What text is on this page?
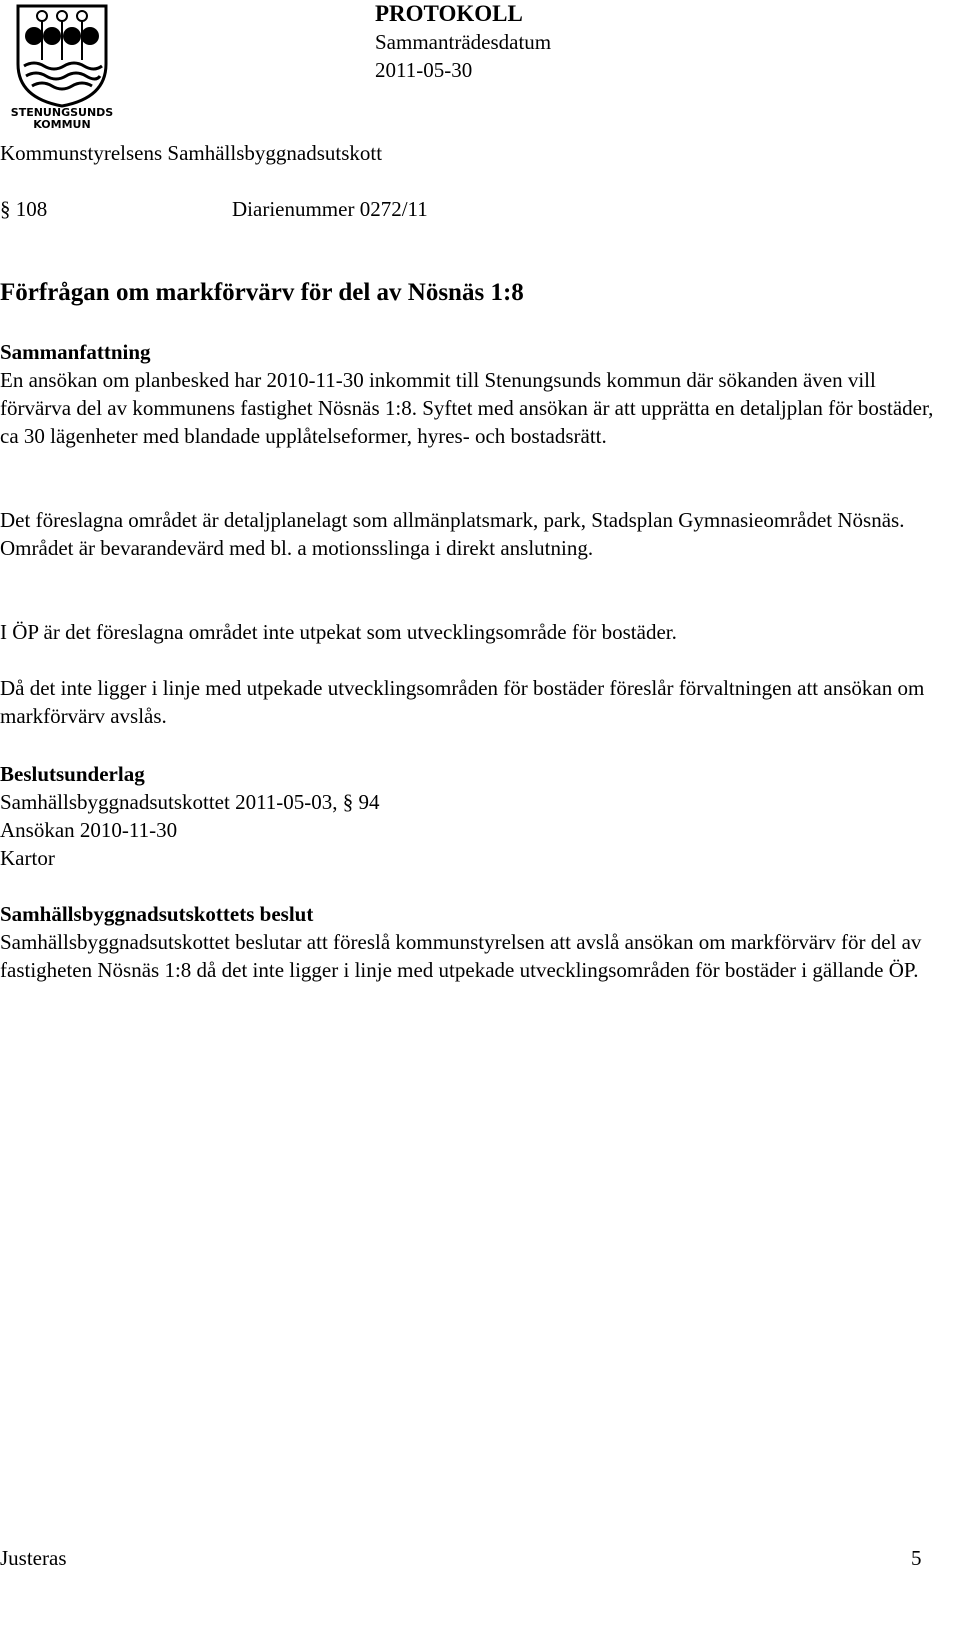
STENUNGSUNDS
KOMMUN
PROTOKOLL
Sammanträdesdatum
2011-05-30
Kommunstyrelsens Samhällsbyggnadsutskott
§ 108	Diarienummer 0272/11
Förfrågan om markförvärv för del av Nösnäs 1:8

Sammanfattning

En ansökan om planbesked har 2010-11-30 inkommit till Stenungsunds kommun där sökanden även vill förvärva del av kommunens fastighet Nösnäs 1:8. Syftet med ansökan är att upprätta en detaljplan för bostäder, ca 30 lägenheter med blandade upplåtelseformer, hyres- och bostadsrätt.

Det föreslagna området är detaljplanelagt som allmänplatsmark, park, Stadsplan Gymnasieområdet Nösnäs. Området är bevarandevärd med bl. a motionsslinga i direkt anslutning.

I ÖP är det föreslagna området inte utpekat som utvecklingsområde för bostäder.

Då det inte ligger i linje med utpekade utvecklingsområden för bostäder föreslår förvaltningen att ansökan om markförvärv avslås.

Beslutsunderlag

Samhällsbyggnadsutskottet 2011-05-03, § 94

Ansökan 2010-11-30

Kartor

Samhällsbyggnadsutskottets beslut

Samhällsbyggnadsutskottet beslutar att föreslå kommunstyrelsen att avslå ansökan om markförvärv för del av fastigheten Nösnäs 1:8 då det inte ligger i linje med utpekade utvecklingsområden för bostäder i gällande ÖP.

Justeras	5
